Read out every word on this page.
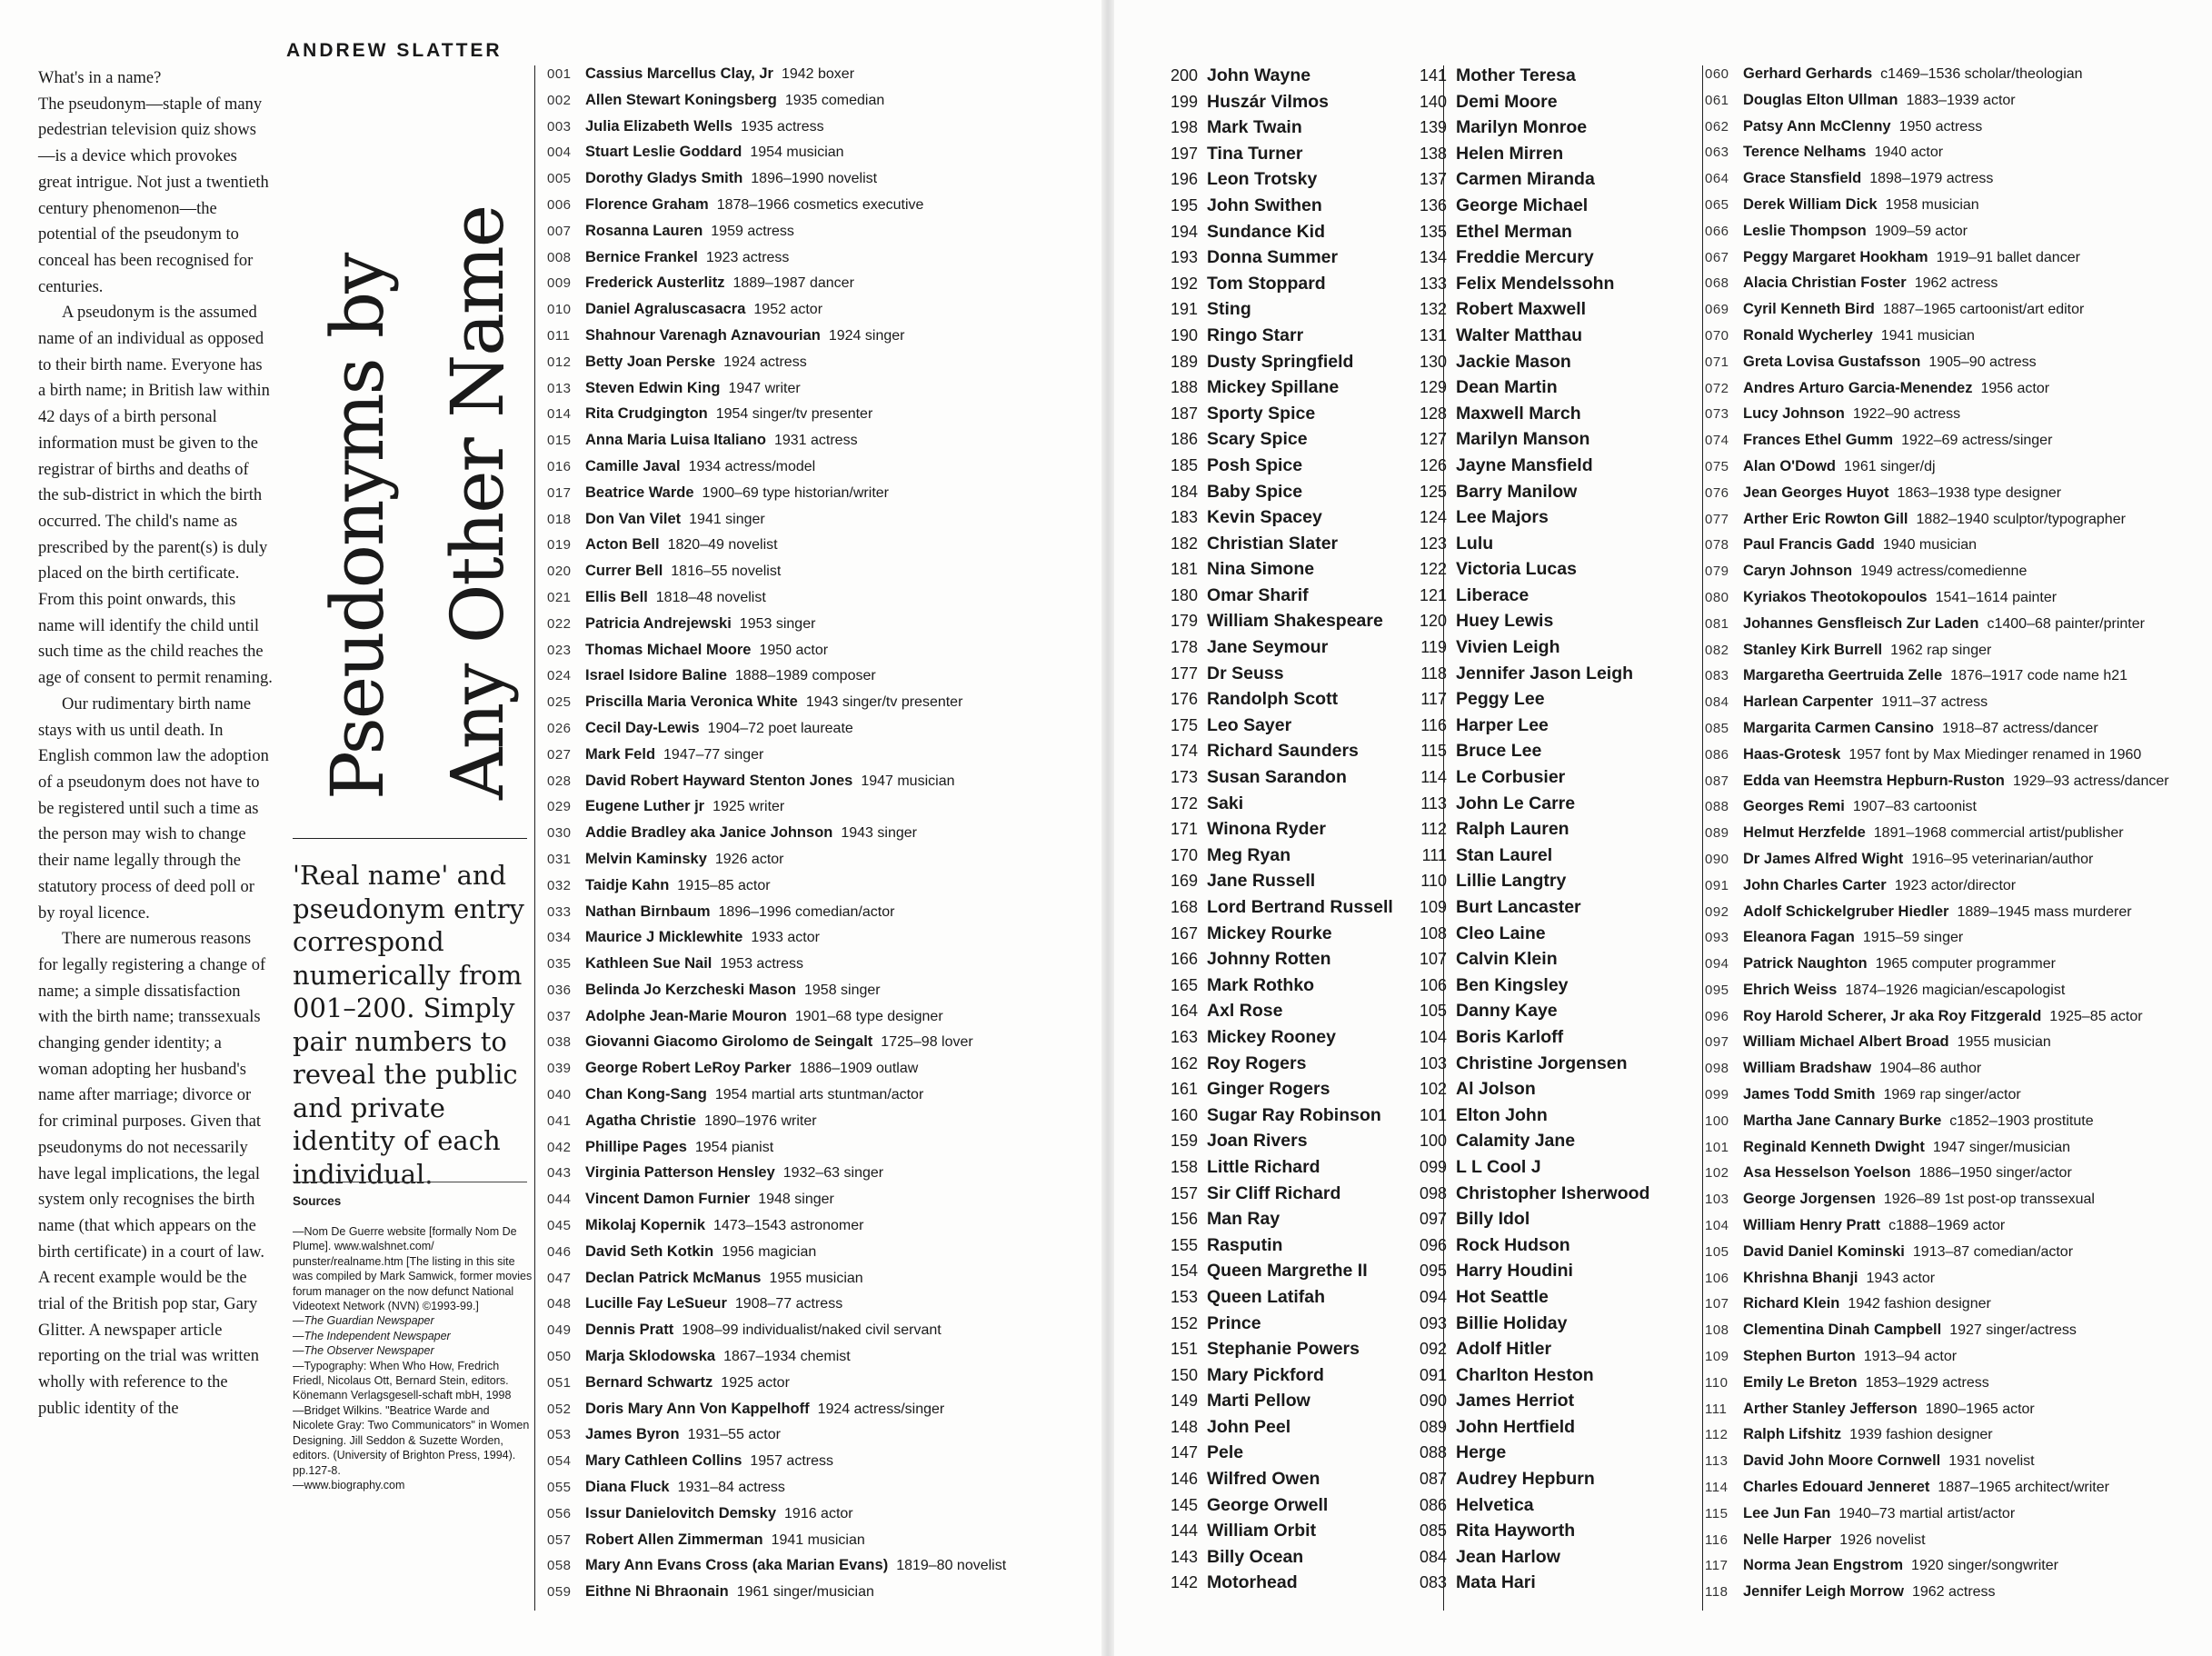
ANDREW SLATTER

What's in a name?

The pseudonym—staple of many pedestrian television quiz shows—is a device which provokes great intrigue. Not just a twentieth century phenomenon—the potential of the pseudonym to conceal has been recognised for centuries.

A pseudonym is the assumed name of an individual as opposed to their birth name. Everyone has a birth name; in British law within 42 days of a birth personal information must be given to the registrar of births and deaths of the sub-district in which the birth occurred. The child's name as prescribed by the parent(s) is duly placed on the birth certificate. From this point onwards, this name will identify the child until such time as the child reaches the age of consent to permit renaming.

Our rudimentary birth name stays with us until death. In English common law the adoption of a pseudonym does not have to be registered until such a time as the person may wish to change their name legally through the statutory process of deed poll or by royal licence.

There are numerous reasons for legally registering a change of name; a simple dissatisfaction with the birth name; transsexuals changing gender identity; a woman adopting her husband's name after marriage; divorce or for criminal purposes. Given that pseudonyms do not necessarily have legal implications, the legal system only recognises the birth name (that which appears on the birth certificate) in a court of law. A recent example would be the trial of the British pop star, Gary Glitter. A newspaper article reporting on the trial was written wholly with reference to the public identity of the

Pseudonyms by Any Other Name
'Real name' and pseudonym entry correspond numerically from 001–200. Simply pair numbers to reveal the public and private identity of each individual.
Sources
—Nom De Guerre website [formally Nom De Plume]. www.walshnet.com/ punster/realname.htm [The listing in this site was compiled by Mark Samwick, former movies forum manager on the now defunct National Videotext Network (NVN) ©1993-99.]
—The Guardian Newspaper
—The Independent Newspaper
—The Observer Newspaper
—Typography: When Who How, Fredrich Friedl, Nicolaus Ott, Bernard Stein, editors. Könemann Verlagsgesell-schaft mbH, 1998
—Bridget Wilkins. "Beatrice Warde and Nicolete Gray: Two Communicators" in Women Designing. Jill Seddon & Suzette Worden, editors. (University of Brighton Press, 1994). pp.127-8.
—www.biography.com
001 Cassius Marcellus Clay, Jr 1942 boxer
002 Allen Stewart Koningsberg 1935 comedian
003 Julia Elizabeth Wells 1935 actress
004 Stuart Leslie Goddard 1954 musician
005 Dorothy Gladys Smith 1896–1990 novelist
006 Florence Graham 1878–1966 cosmetics executive
007 Rosanna Lauren 1959 actress
008 Bernice Frankel 1923 actress
009 Frederick Austerlitz 1889–1987 dancer
010 Daniel Agraluscasacra 1952 actor
011	Shahnour Varenagh Aznavourian 1924 singer
012 Betty Joan Perske 1924 actress
013 Steven Edwin King 1947 writer
014 Rita Crudgington 1954 singer/tv presenter
015 Anna Maria Luisa Italiano 1931 actress
016 Camille Javal 1934 actress/model
017 Beatrice Warde 1900–69 type historian/writer
018 Don Van Vilet 1941 singer
019 Acton Bell 1820–49 novelist
020 Currer Bell 1816–55 novelist
021 Ellis Bell 1818–48 novelist
022 Patricia Andrejewski 1953 singer
023 Thomas Michael Moore 1950 actor
024 Israel Isidore Baline 1888–1989 composer
025 Priscilla Maria Veronica White 1943 singer/tv presenter
026 Cecil Day-Lewis 1904–72 poet laureate
027 Mark Feld 1947–77 singer
028 David Robert Hayward Stenton Jones 1947 musician
029 Eugene Luther jr 1925 writer
030 Addie Bradley aka Janice Johnson 1943 singer
031 Melvin Kaminsky 1926 actor
032 Taidje Kahn 1915–85 actor
033 Nathan Birnbaum 1896–1996 comedian/actor
034 Maurice J Micklewhite 1933 actor
035 Kathleen Sue Nail 1953 actress
036 Belinda Jo Kerzcheski Mason 1958 singer
037 Adolphe Jean-Marie Mouron 1901–68 type designer
038 Giovanni Giacomo Girolomo de Seingalt 1725–98 lover
039 George Robert LeRoy Parker 1886–1909 outlaw
040 Chan Kong-Sang 1954 martial arts stuntman/actor
041 Agatha Christie 1890–1976 writer
042 Phillipe Pages 1954 pianist
043 Virginia Patterson Hensley 1932–63 singer
044 Vincent Damon Furnier 1948 singer
045 Mikolaj Kopernik 1473–1543 astronomer
046 David Seth Kotkin 1956 magician
047 Declan Patrick McManus 1955 musician
048 Lucille Fay LeSueur 1908–77 actress
049 Dennis Pratt 1908–99 individualist/naked civil servant
050 Marja Sklodowska 1867–1934 chemist
051 Bernard Schwartz 1925 actor
052 Doris Mary Ann Von Kappelhoff 1924 actress/singer
053 James Byron 1931–55 actor
054 Mary Cathleen Collins 1957 actress
055 Diana Fluck 1931–84 actress
056 Issur Danielovitch Demsky 1916 actor
057 Robert Allen Zimmerman 1941 musician
058 Mary Ann Evans Cross (aka Marian Evans) 1819–80 novelist
059 Eithne Ni Bhraonain 1961 singer/musician
200 John Wayne
199 Huszár Vilmos
198 Mark Twain
197 Tina Turner
196 Leon Trotsky
195 John Swithen
194 Sundance Kid
193 Donna Summer
192 Tom Stoppard
191 Sting
190 Ringo Starr
189 Dusty Springfield
188 Mickey Spillane
187 Sporty Spice
186 Scary Spice
185 Posh Spice
184 Baby Spice
183 Kevin Spacey
182 Christian Slater
181 Nina Simone
180 Omar Sharif
179 William Shakespeare
178 Jane Seymour
177 Dr Seuss
176 Randolph Scott
175 Leo Sayer
174 Richard Saunders
173 Susan Sarandon
172 Saki
171 Winona Ryder
170 Meg Ryan
169 Jane Russell
168 Lord Bertrand Russell
167 Mickey Rourke
166 Johnny Rotten
165 Mark Rothko
164 Axl Rose
163 Mickey Rooney
162 Roy Rogers
161 Ginger Rogers
160 Sugar Ray Robinson
159 Joan Rivers
158 Little Richard
157 Sir Cliff Richard
156 Man Ray
155 Rasputin
154 Queen Margrethe II
153 Queen Latifah
152 Prince
151 Stephanie Powers
150 Mary Pickford
149 Marti Pellow
148 John Peel
147 Pele
146 Wilfred Owen
145 George Orwell
144 William Orbit
143 Billy Ocean
142 Motorhead
141 Mother Teresa
140 Demi Moore
139 Marilyn Monroe
138 Helen Mirren
137 Carmen Miranda
136 George Michael
135 Ethel Merman
134 Freddie Mercury
133 Felix Mendelssohn
132 Robert Maxwell
131 Walter Matthau
130 Jackie Mason
129 Dean Martin
128 Maxwell March
127 Marilyn Manson
126 Jayne Mansfield
125 Barry Manilow
124 Lee Majors
123 Lulu
122 Victoria Lucas
121 Liberace
120 Huey Lewis
119 Vivien Leigh
118 Jennifer Jason Leigh
117 Peggy Lee
116 Harper Lee
115 Bruce Lee
114 Le Corbusier
113 John Le Carre
112 Ralph Lauren
111 Stan Laurel
110 Lillie Langtry
109 Burt Lancaster
108 Cleo Laine
107 Calvin Klein
106 Ben Kingsley
105 Danny Kaye
104 Boris Karloff
103 Christine Jorgensen
102 Al Jolson
101 Elton John
100 Calamity Jane
099 L L Cool J
098 Christopher Isherwood
097 Billy Idol
096 Rock Hudson
095 Harry Houdini
094 Hot Seattle
093 Billie Holiday
092 Adolf Hitler
091 Charlton Heston
090 James Herriot
089 John Hertfield
088 Herge
087 Audrey Hepburn
086 Helvetica
085 Rita Hayworth
084 Jean Harlow
083 Mata Hari
060 Gerhard Gerhards c1469–1536 scholar/theologian
061 Douglas Elton Ullman 1883–1939 actor
062 Patsy Ann McClenny 1950 actress
063 Terence Nelhams 1940 actor
064 Grace Stansfield 1898–1979 actress
065 Derek William Dick 1958 musician
066 Leslie Thompson 1909–59 actor
067 Peggy Margaret Hookham 1919–91 ballet dancer
068 Alacia Christian Foster 1962 actress
069 Cyril Kenneth Bird 1887–1965 cartoonist/art editor
070 Ronald Wycherley 1941 musician
071 Greta Lovisa Gustafsson 1905–90 actress
072 Andres Arturo Garcia-Menendez 1956 actor
073 Lucy Johnson 1922–90 actress
074 Frances Ethel Gumm 1922–69 actress/singer
075 Alan O'Dowd 1961 singer/dj
076 Jean Georges Huyot 1863–1938 type designer
077 Arther Eric Rowton Gill 1882–1940 sculptor/typographer
078 Paul Francis Gadd 1940 musician
079 Caryn Johnson 1949 actress/comedienne
080 Kyriakos Theotokopoulos 1541–1614 painter
081 Johannes Gensfleisch Zur Laden c1400–68 painter/printer
082 Stanley Kirk Burrell 1962 rap singer
083 Margaretha Geertruida Zelle 1876–1917 code name h21
084 Harlean Carpenter 1911–37 actress
085 Margarita Carmen Cansino 1918–87 actress/dancer
086 Haas-Grotesk 1957 font by Max Miedinger renamed in 1960
087 Edda van Heemstra Hepburn-Ruston 1929–93 actress/dancer
088 Georges Remi 1907–83 cartoonist
089 Helmut Herzfelde 1891–1968 commercial artist/publisher
090 Dr James Alfred Wight 1916–95 veterinarian/author
091 John Charles Carter 1923 actor/director
092 Adolf Schickelgruber Hiedler 1889–1945 mass murderer
093 Eleanora Fagan 1915–59 singer
094 Patrick Naughton 1965 computer programmer
095 Ehrich Weiss 1874–1926 magician/escapologist
096 Roy Harold Scherer, Jr aka Roy Fitzgerald 1925–85 actor
097 William Michael Albert Broad 1955 musician
098 William Bradshaw 1904–86 author
099 James Todd Smith 1969 rap singer/actor
100 Martha Jane Cannary Burke c1852–1903 prostitute
101 Reginald Kenneth Dwight 1947 singer/musician
102 Asa Hesselson Yoelson 1886–1950 singer/actor
103 George Jorgensen 1926–89 1st post-op transsexual
104 William Henry Pratt c1888–1969 actor
105 David Daniel Kominski 1913–87 comedian/actor
106 Khrishna Bhanji 1943 actor
107 Richard Klein 1942 fashion designer
108 Clementina Dinah Campbell 1927 singer/actress
109 Stephen Burton 1913–94 actor
110	Emily Le Breton 1853–1929 actress
111	Arther Stanley Jefferson 1890–1965 actor
112	Ralph Lifshitz 1939 fashion designer
113	David John Moore Cornwell 1931 novelist
114	Charles Edouard Jenneret 1887–1965 architect/writer
115	Lee Jun Fan 1940–73 martial artist/actor
116	Nelle Harper 1926 novelist
117	Norma Jean Engstrom 1920 singer/songwriter
118	Jennifer Leigh Morrow 1962 actress
